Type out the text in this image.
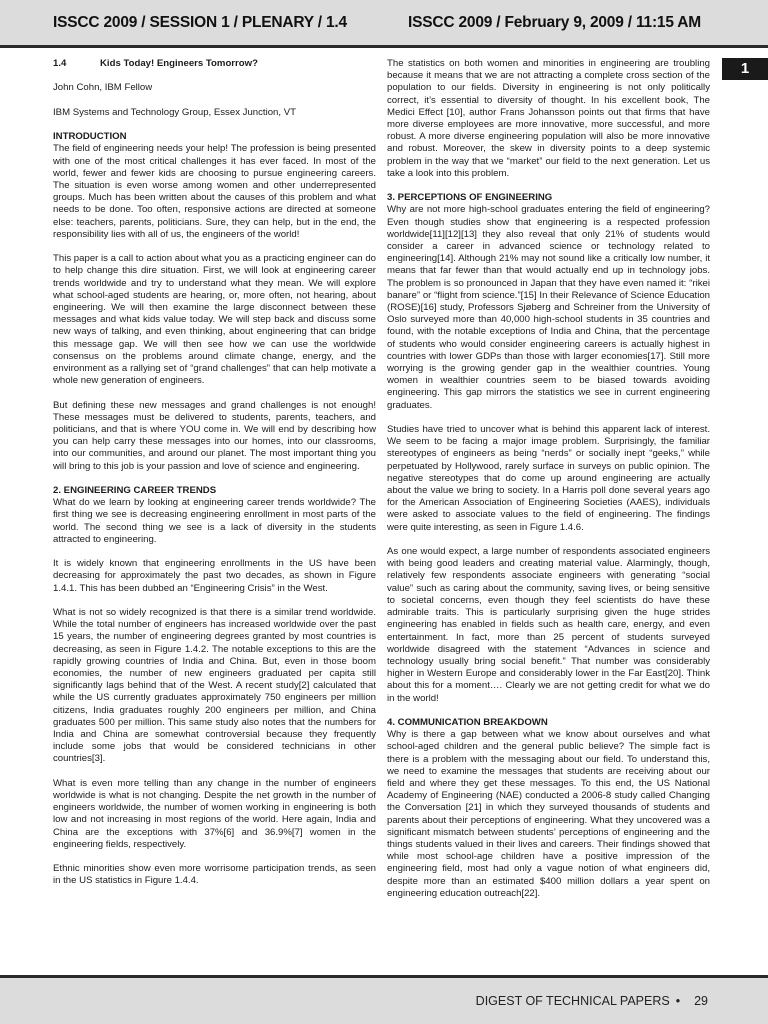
ISSCC 2009 / SESSION 1 / PLENARY / 1.4	ISSCC 2009 / February 9, 2009 / 11:15 AM
1

1.4	Kids Today! Engineers Tomorrow?

John Cohn, IBM Fellow

IBM Systems and Technology Group, Essex Junction, VT

INTRODUCTION

The field of engineering needs your help! The profession is being presented with one of the most critical challenges it has ever faced. In most of the world, fewer and fewer kids are choosing to pursue engineering careers. The situation is even worse among women and other underrepresented groups. Much has been written about the causes of this problem and what needs to be done. Too often, responsive actions are directed at someone else: teachers, parents, politicians. Sure, they can help, but in the end, the responsibility lies with all of us, the engineers of the world!

This paper is a call to action about what you as a practicing engineer can do to help change this dire situation. First, we will look at engineering career trends worldwide and try to understand what they mean. We will explore what school-aged students are hearing, or, more often, not hearing, about engineering. We will then examine the large disconnect between these messages and what kids value today. We will step back and discuss some new ways of talking, and even thinking, about engineering that can bridge this message gap. We will then see how we can use the worldwide consensus on the problems around climate change, energy, and the environment as a rallying set of “grand challenges” that can help motivate a whole new generation of engineers.

But defining these new messages and grand challenges is not enough! These messages must be delivered to students, parents, teachers, and politicians, and that is where YOU come in. We will end by describing how you can help carry these messages into our homes, into our classrooms, into our communities, and around our planet. The most important thing you will bring to this job is your passion and love of science and engineering.

2. ENGINEERING CAREER TRENDS

What do we learn by looking at engineering career trends worldwide? The first thing we see is decreasing engineering enrollment in most parts of the world. The second thing we see is a lack of diversity in the students attracted to engineering.

It is widely known that engineering enrollments in the US have been decreasing for approximately the past two decades, as shown in Figure 1.4.1. This has been dubbed an “Engineering Crisis” in the West.

What is not so widely recognized is that there is a similar trend worldwide. While the total number of engineers has increased worldwide over the past 15 years, the number of engineering degrees granted by most countries is decreasing, as seen in Figure 1.4.2. The notable exceptions to this are the rapidly growing countries of India and China. But, even in those boom economies, the number of new engineers graduated per capita still significantly lags behind that of the West. A recent study[2] calculated that while the US currently graduates approximately 750 engineers per million citizens, India graduates roughly 200 engineers per million, and China graduates 500 per million. This same study also notes that the numbers for India and China are somewhat controversial because they frequently include some jobs that would be considered technicians in other countries[3].

What is even more telling than any change in the number of engineers worldwide is what is not changing. Despite the net growth in the number of engineers worldwide, the number of women working in engineering is both low and not increasing in most regions of the world. Here again, India and China are the exceptions with 37%[6] and 36.9%[7] women in the engineering fields, respectively.

Ethnic minorities show even more worrisome participation trends, as seen in the US statistics in Figure 1.4.4.

The statistics on both women and minorities in engineering are troubling because it means that we are not attracting a complete cross section of the population to our fields. Diversity in engineering is not only politically correct, it’s essential to diversity of thought. In his excellent book, The Medici Effect [10], author Frans Johansson points out that firms that have more diverse employees are more innovative, more successful, and more robust. A more diverse engineering population will also be more innovative and robust. Moreover, the skew in diversity points to a deep systemic problem in the way that we “market” our field to the next generation. Let us take a look into this problem.

3. PERCEPTIONS OF ENGINEERING

Why are not more high-school graduates entering the field of engineering? Even though studies show that engineering is a respected profession worldwide[11][12][13] they also reveal that only 21% of students would consider a career in advanced science or technology related to engineering[14]. Although 21% may not sound like a critically low number, it means that far fewer than that would actually end up in technology jobs. The problem is so pronounced in Japan that they have even named it: “rikei banare” or “flight from science.”[15] In their Relevance of Science Education (ROSE)[16] study, Professors Sjøberg and Schreiner from the University of Oslo surveyed more than 40,000 high-school students in 35 countries and found, with the notable exceptions of India and China, that the percentage of students who would consider engineering careers is actually highest in countries with lower GDPs than those with larger economies[17]. Still more worrying is the growing gender gap in the wealthier countries. Young women in wealthier countries seem to be biased towards avoiding engineering. This gap mirrors the statistics we see in current engineering graduates.

Studies have tried to uncover what is behind this apparent lack of interest. We seem to be facing a major image problem. Surprisingly, the familiar stereotypes of engineers as being “nerds” or socially inept “geeks,” while perpetuated by Hollywood, rarely surface in surveys on public opinion. The negative stereotypes that do come up around engineering are actually about the value we bring to society. In a Harris poll done several years ago for the American Association of Engineering Societies (AAES), individuals were asked to associate values to the field of engineering. The findings were quite interesting, as seen in Figure 1.4.6.

As one would expect, a large number of respondents associated engineers with being good leaders and creating material value. Alarmingly, though, relatively few respondents associate engineers with generating “social value” such as caring about the community, saving lives, or being sensitive to societal concerns, even though they feel scientists do have these admirable traits. This is particularly surprising given the huge strides engineering has enabled in fields such as health care, energy, and even entertainment. In fact, more than 25 percent of students surveyed worldwide disagreed with the statement “Advances in science and technology usually bring social benefit.” That number was considerably higher in Western Europe and considerably lower in the Far East[20]. Think about this for a moment…. Clearly we are not getting credit for what we do in the world!

4. COMMUNICATION BREAKDOWN

Why is there a gap between what we know about ourselves and what school-aged children and the general public believe? The simple fact is there is a problem with the messaging about our field. To understand this, we need to examine the messages that students are receiving about our field and where they get these messages. To this end, the US National Academy of Engineering (NAE) conducted a 2006-8 study called Changing the Conversation [21] in which they surveyed thousands of students and parents about their perceptions of engineering. What they uncovered was a significant mismatch between students’ perceptions of engineering and the things students valued in their lives and careers. Their findings showed that while most school-age children have a positive impression of the engineering field, most had only a vague notion of what engineers did, despite more than an estimated $400 million dollars a year spent on engineering education outreach[22].

DIGEST OF TECHNICAL PAPERS • 29
